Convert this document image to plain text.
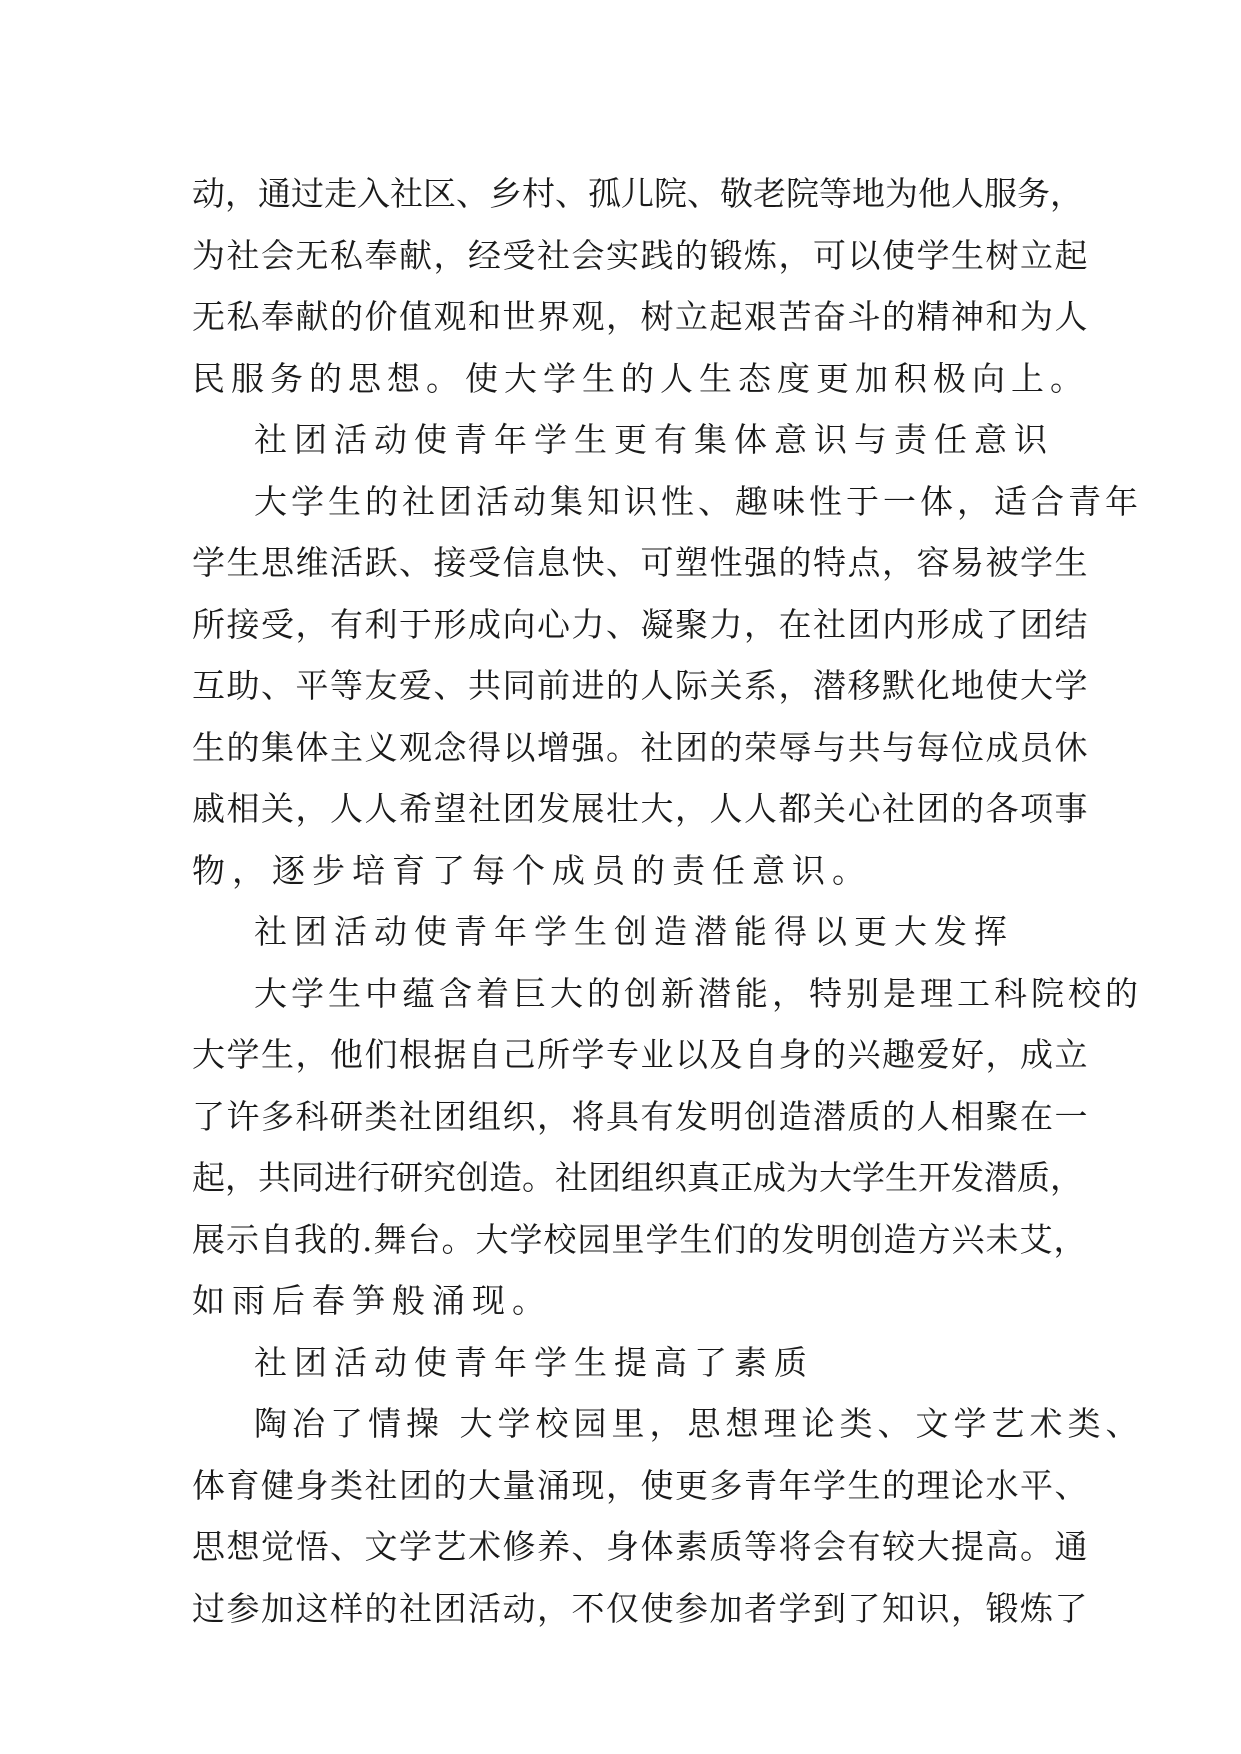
动，通过走入社区、乡村、孤儿院、敬老院等地为他人服务，
为社会无私奉献，经受社会实践的锻炼，可以使学生树立起
无私奉献的价值观和世界观，树立起艰苦奋斗的精神和为人
民服务的思想。使大学生的人生态度更加积极向上。
社团活动使青年学生更有集体意识与责任意识
大学生的社团活动集知识性、趣味性于一体，适合青年
学生思维活跃、接受信息快、可塑性强的特点，容易被学生
所接受，有利于形成向心力、凝聚力，在社团内形成了团结
互助、平等友爱、共同前进的人际关系，潜移默化地使大学
生的集体主义观念得以增强。社团的荣辱与共与每位成员休
戚相关，人人希望社团发展壮大，人人都关心社团的各项事
物，逐步培育了每个成员的责任意识。
社团活动使青年学生创造潜能得以更大发挥
大学生中蕴含着巨大的创新潜能，特别是理工科院校的
大学生，他们根据自己所学专业以及自身的兴趣爱好，成立
了许多科研类社团组织，将具有发明创造潜质的人相聚在一
起，共同进行研究创造。社团组织真正成为大学生开发潜质，
展示自我的.舞台。大学校园里学生们的发明创造方兴未艾，
如雨后春笋般涌现。
社团活动使青年学生提高了素质
陶冶了情操 大学校园里，思想理论类、文学艺术类、
体育健身类社团的大量涌现，使更多青年学生的理论水平、
思想觉悟、文学艺术修养、身体素质等将会有较大提高。通
过参加这样的社团活动，不仅使参加者学到了知识，锻炼了
